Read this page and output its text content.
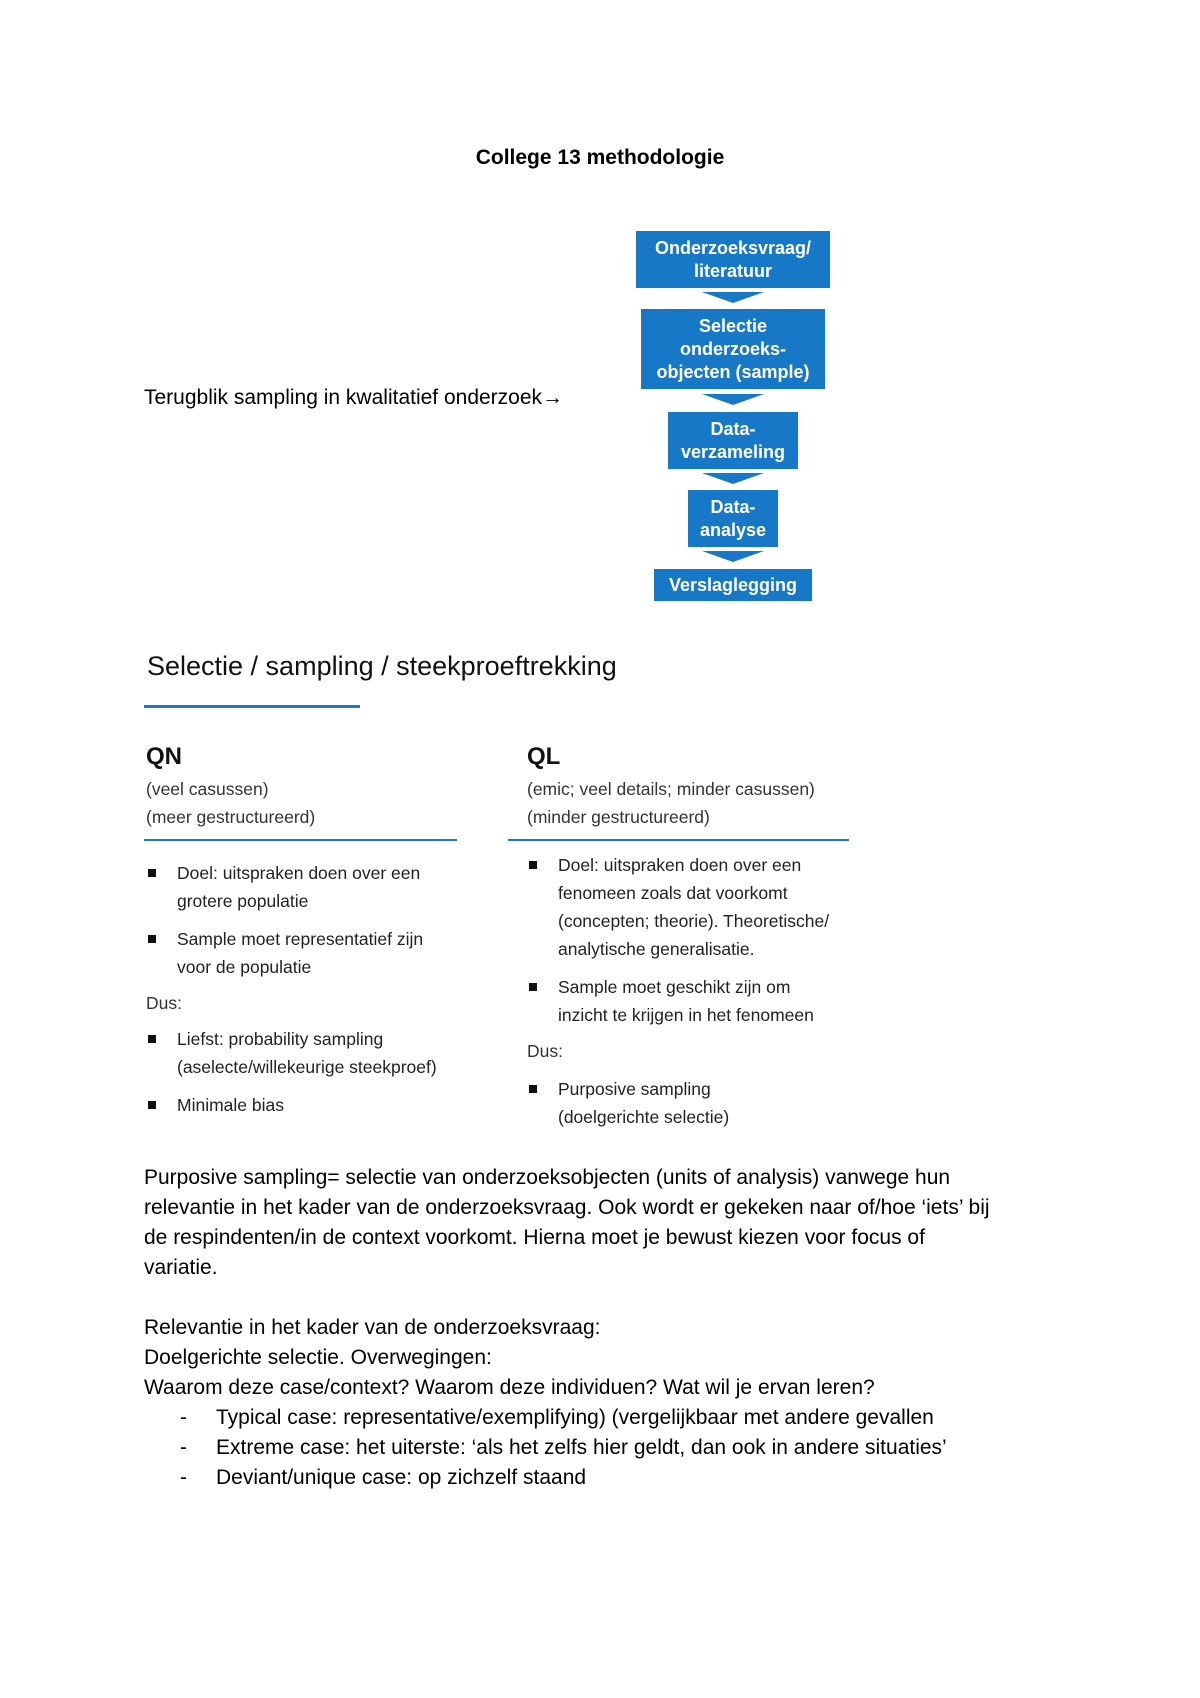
College 13 methodologie
Terugblik sampling in kwalitatief onderzoek→
Onderzoeksvraag/
literatuur
Selectie
onderzoeks-
objecten (sample)
Data-
verzameling
Data-
analyse
Verslaglegging
Selectie / sampling / steekproeftrekking
QN
(veel casussen)
(meer gestructureerd)
Doel: uitspraken doen over een
grotere populatie
Sample moet representatief zijn
voor de populatie
Dus:
Liefst: probability sampling
(aselecte/willekeurige steekproef)
Minimale bias
QL
(emic; veel details; minder casussen)
(minder gestructureerd)
Doel: uitspraken doen over een
fenomeen zoals dat voorkomt
(concepten; theorie). Theoretische/
analytische generalisatie.
Sample moet geschikt zijn om
inzicht te krijgen in het fenomeen
Dus:
Purposive sampling
(doelgerichte selectie)
Purposive sampling= selectie van onderzoeksobjecten (units of analysis) vanwege hun
relevantie in het kader van de onderzoeksvraag. Ook wordt er gekeken naar of/hoe ‘iets’ bij
de respindenten/in de context voorkomt. Hierna moet je bewust kiezen voor focus of
variatie.
Relevantie in het kader van de onderzoeksvraag:
Doelgerichte selectie. Overwegingen:
Waarom deze case/context? Waarom deze individuen? Wat wil je ervan leren?
- Typical case: representative/exemplifying) (vergelijkbaar met andere gevallen
- Extreme case: het uiterste: ‘als het zelfs hier geldt, dan ook in andere situaties’
- Deviant/unique case: op zichzelf staand
